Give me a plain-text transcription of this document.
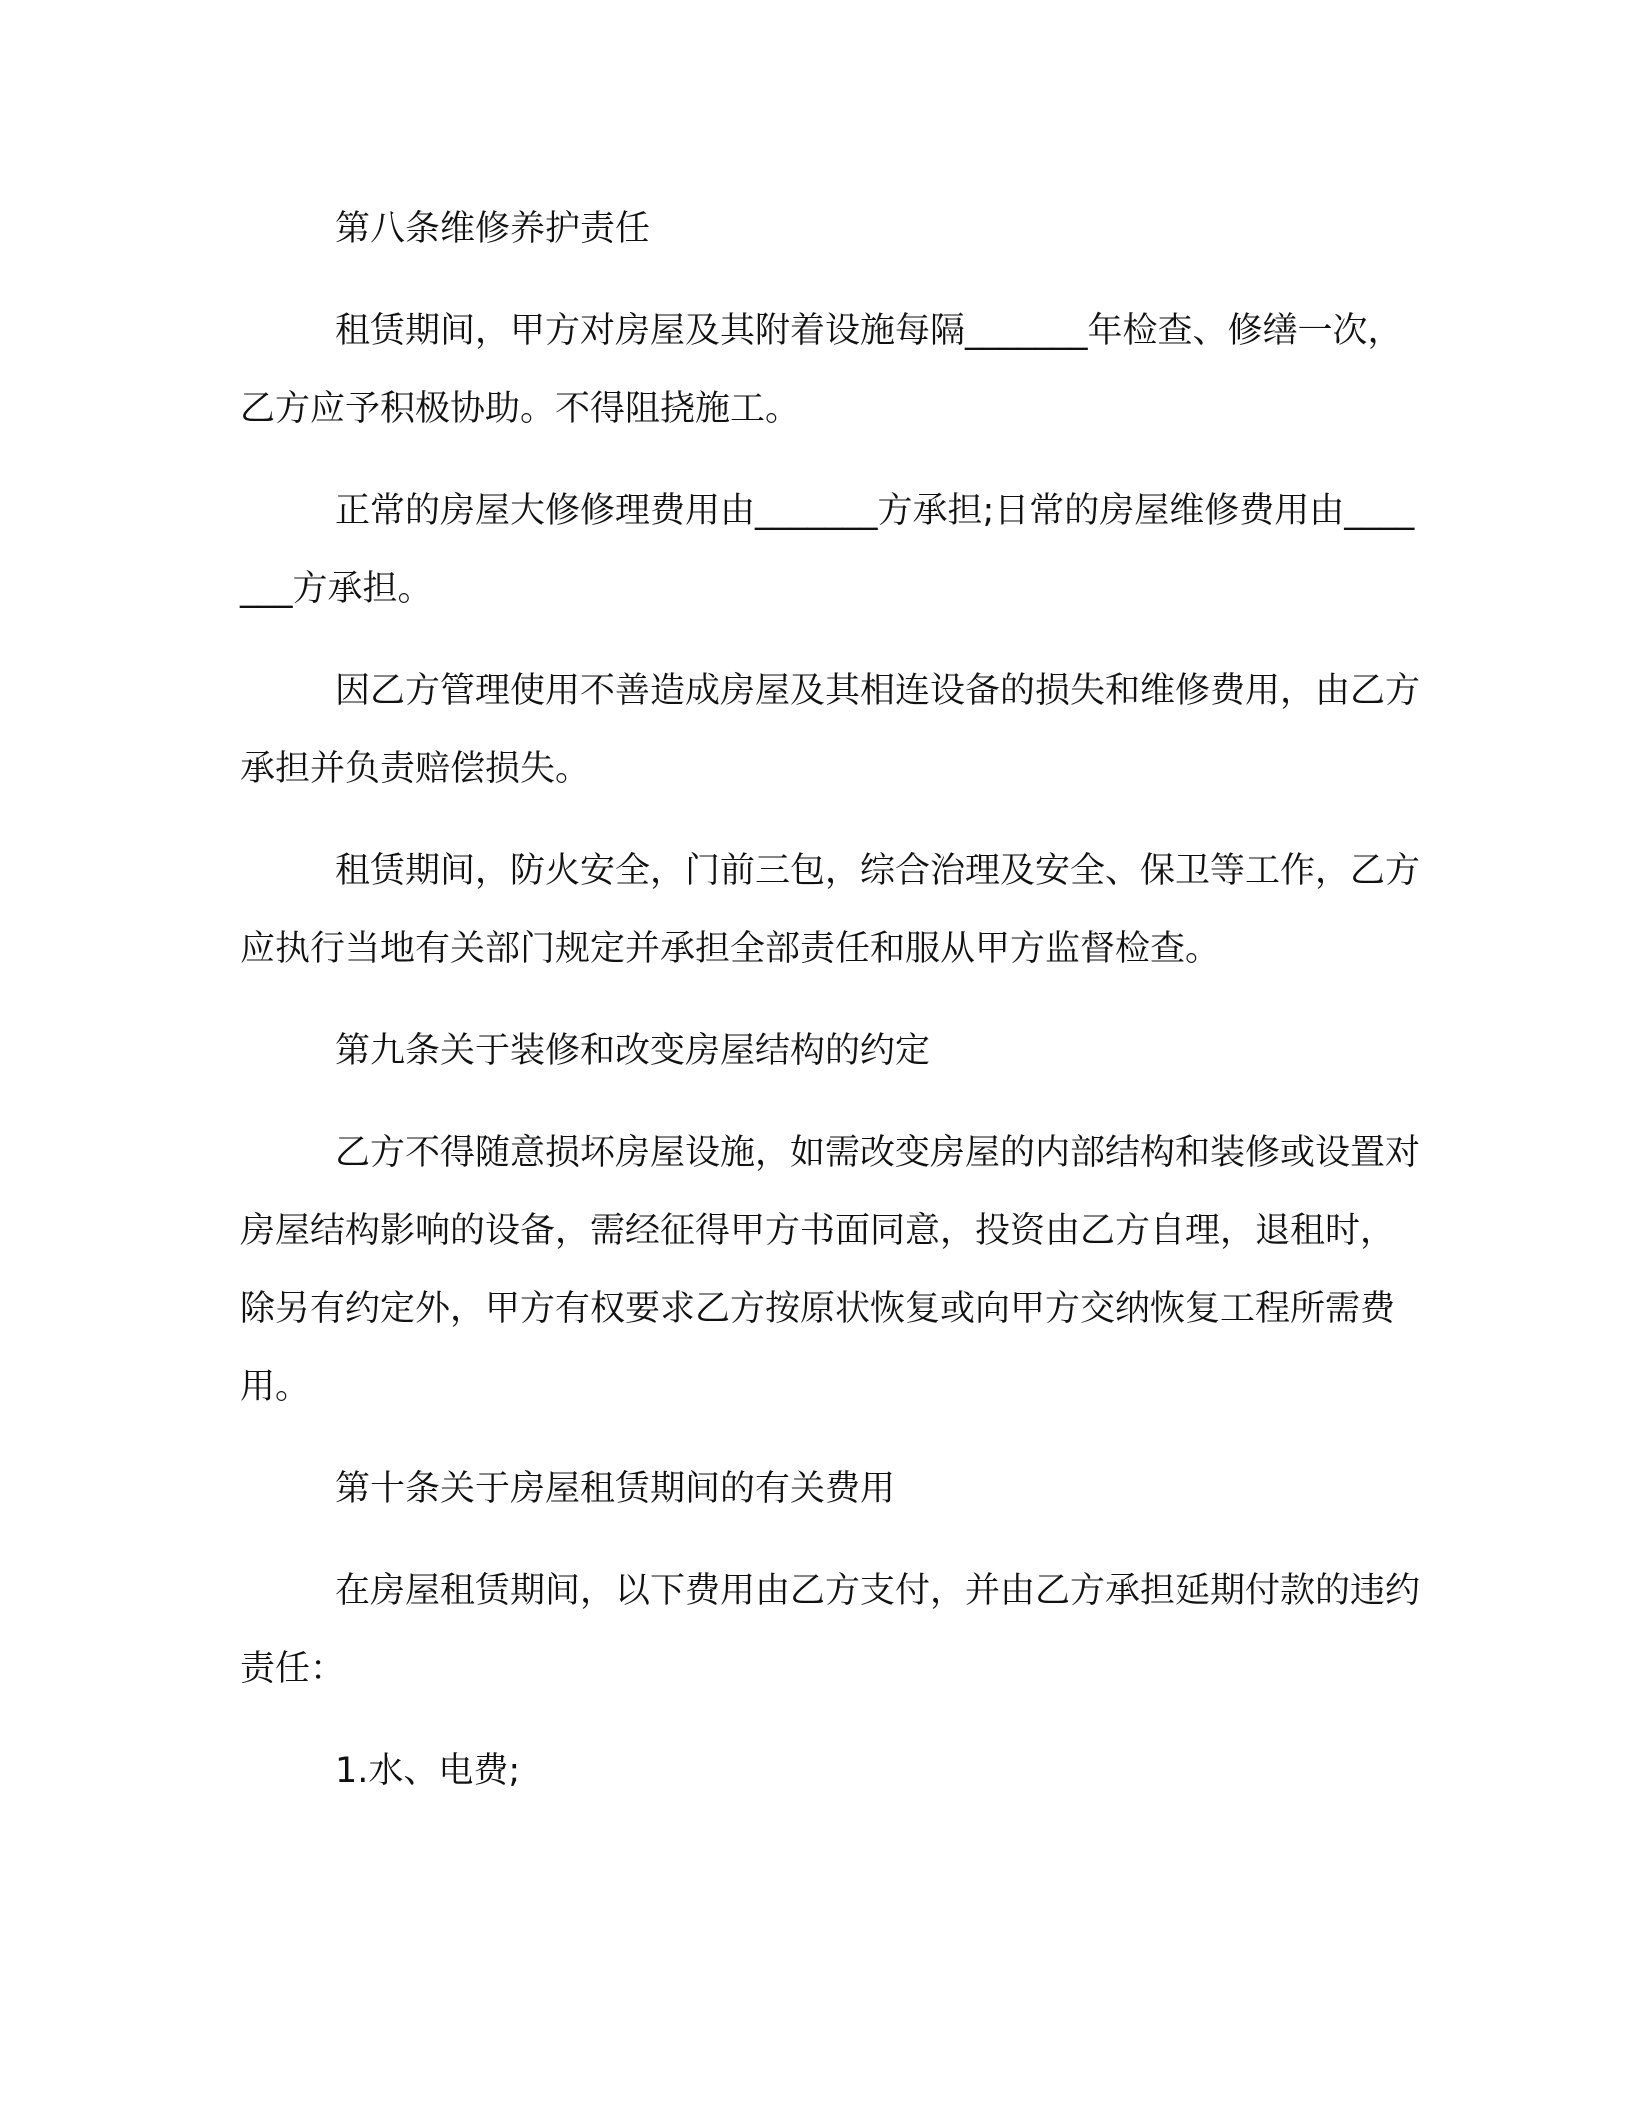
第八条维修养护责任

租赁期间，甲方对房屋及其附着设施每隔_______年检查、修缮一次，乙方应予积极协助。不得阻挠施工。

正常的房屋大修修理费用由_______方承担;日常的房屋维修费用由_______方承担。

因乙方管理使用不善造成房屋及其相连设备的损失和维修费用，由乙方承担并负责赔偿损失。

租赁期间，防火安全，门前三包，综合治理及安全、保卫等工作，乙方应执行当地有关部门规定并承担全部责任和服从甲方监督检查。

第九条关于装修和改变房屋结构的约定

乙方不得随意损坏房屋设施，如需改变房屋的内部结构和装修或设置对房屋结构影响的设备，需经征得甲方书面同意，投资由乙方自理，退租时，除另有约定外，甲方有权要求乙方按原状恢复或向甲方交纳恢复工程所需费用。

第十条关于房屋租赁期间的有关费用

在房屋租赁期间，以下费用由乙方支付，并由乙方承担延期付款的违约责任：

1.水、电费;
